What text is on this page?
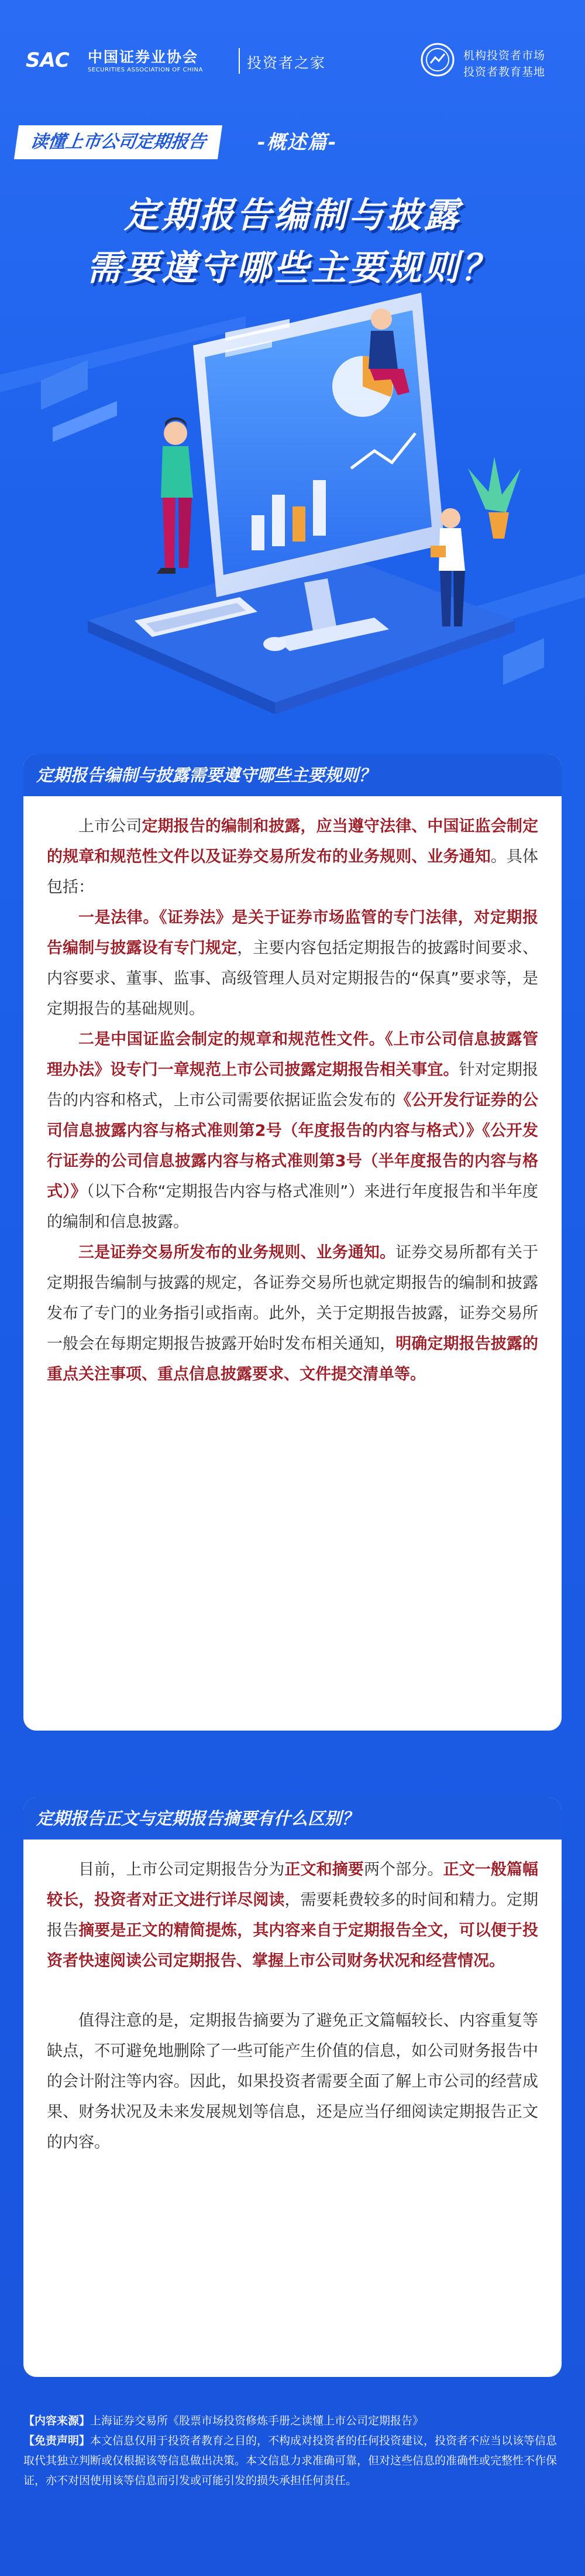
SAC 中国证券业协会
SECURITIES ASSOCIATION OF CHINA	投资者之家	机构投资者市场
投资者教育基地
读懂上市公司定期报告	-概述篇-
定期报告编制与披露
需要遵守哪些主要规则？
定期报告编制与披露需要遵守哪些主要规则？

上市公司定期报告的编制和披露，应当遵守法律、中国证监会制定的规章和规范性文件以及证券交易所发布的业务规则、业务通知。具体包括：

一是法律。《证券法》是关于证券市场监管的专门法律，对定期报告编制与披露设有专门规定，主要内容包括定期报告的披露时间要求、内容要求、董事、监事、高级管理人员对定期报告的“保真”要求等，是定期报告的基础规则。

二是中国证监会制定的规章和规范性文件。《上市公司信息披露管理办法》设专门一章规范上市公司披露定期报告相关事宜。针对定期报告的内容和格式，上市公司需要依据证监会发布的《公开发行证券的公司信息披露内容与格式准则第2号（年度报告的内容与格式）》《公开发行证券的公司信息披露内容与格式准则第3号（半年度报告的内容与格式）》（以下合称“定期报告内容与格式准则”）来进行年度报告和半年度的编制和信息披露。

三是证券交易所发布的业务规则、业务通知。证券交易所都有关于定期报告编制与披露的规定，各证券交易所也就定期报告的编制和披露发布了专门的业务指引或指南。此外，关于定期报告披露，证券交易所一般会在每期定期报告披露开始时发布相关通知，明确定期报告披露的重点关注事项、重点信息披露要求、文件提交清单等。

定期报告正文与定期报告摘要有什么区别？

目前，上市公司定期报告分为正文和摘要两个部分。正文一般篇幅较长，投资者对正文进行详尽阅读，需要耗费较多的时间和精力。定期报告摘要是正文的精简提炼，其内容来自于定期报告全文，可以便于投资者快速阅读公司定期报告、掌握上市公司财务状况和经营情况。

值得注意的是，定期报告摘要为了避免正文篇幅较长、内容重复等缺点，不可避免地删除了一些可能产生价值的信息，如公司财务报告中的会计附注等内容。因此，如果投资者需要全面了解上市公司的经营成果、财务状况及未来发展规划等信息，还是应当仔细阅读定期报告正文的内容。

【内容来源】上海证券交易所《股票市场投资修炼手册之读懂上市公司定期报告》
【免责声明】本文信息仅用于投资者教育之目的，不构成对投资者的任何投资建议，投资者不应当以该等信息取代其独立判断或仅根据该等信息做出决策。本文信息力求准确可靠，但对这些信息的准确性或完整性不作保证，亦不对因使用该等信息而引发或可能引发的损失承担任何责任。
